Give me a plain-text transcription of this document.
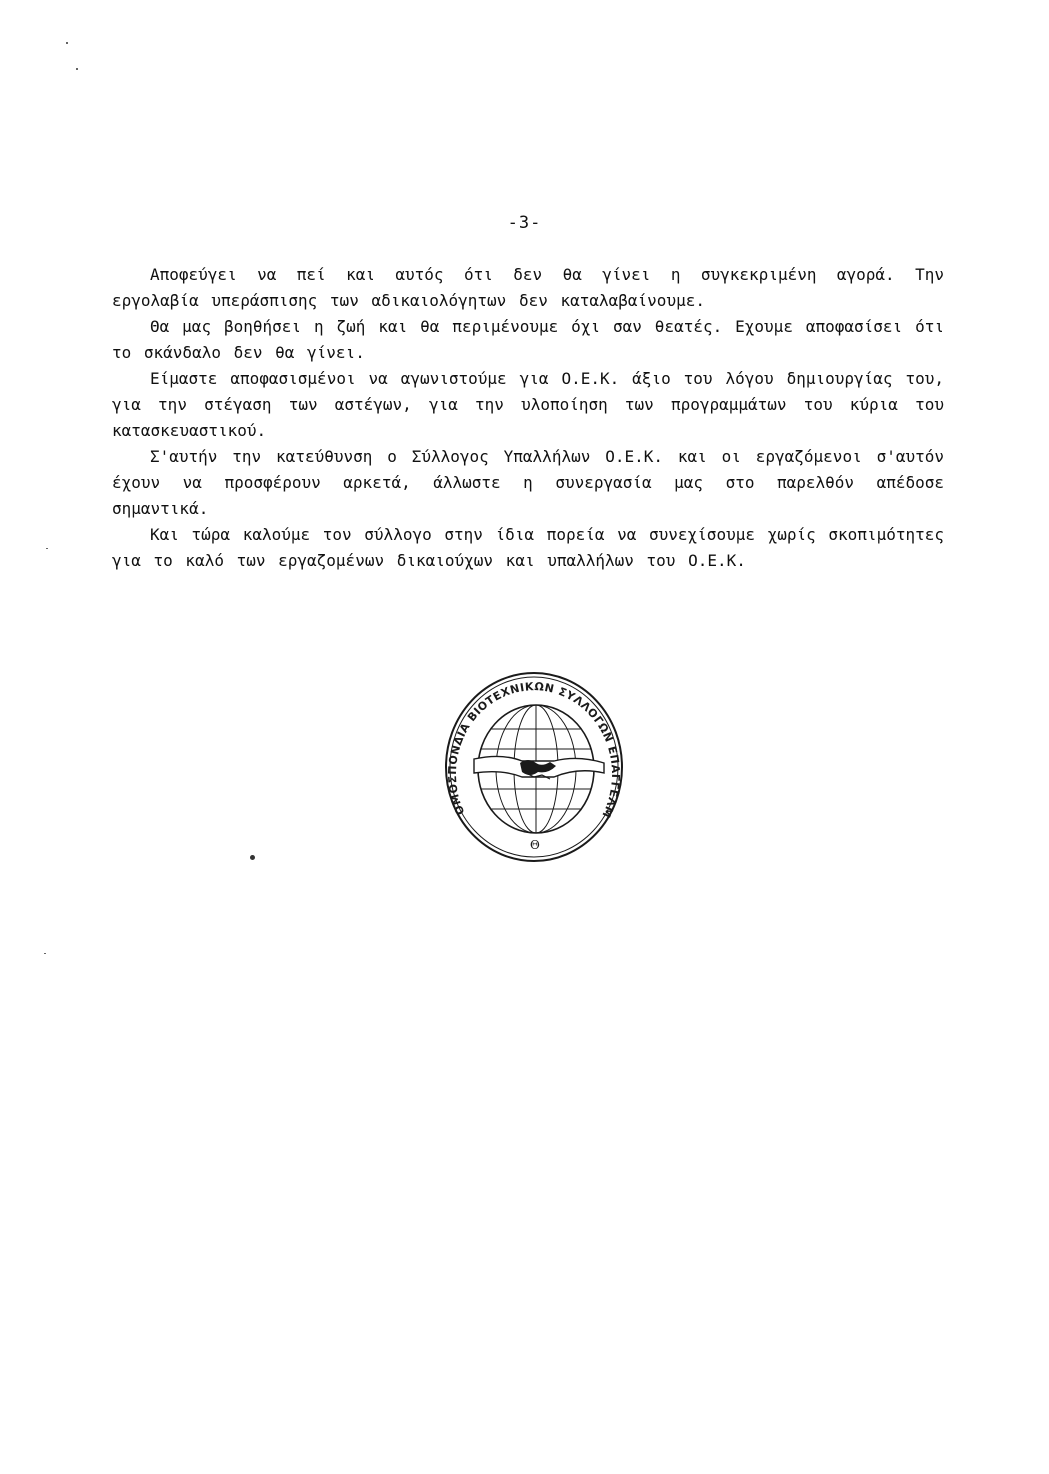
-3-

Αποφεύγει να πεί και αυτός ότι δεν θα γίνει η συγκεκριμένη αγορά. Την εργολαβία υπεράσπισης των αδικαιολόγητων δεν καταλαβαίνουμε.

Θα μας βοηθήσει η ζωή και θα περιμένουμε όχι σαν θεατές. Εχουμε αποφασίσει ότι το σκάνδαλο δεν θα γίνει.

Είμαστε αποφασισμένοι να αγωνιστούμε για Ο.Ε.Κ. άξιο του λόγου δημιουργίας του, για την στέγαση των αστέγων, για την υλοποίηση των προγραμμάτων του κύρια του κατασκευαστικού.

Σ'αυτήν την κατεύθυνση ο Σύλλογος Υπαλλήλων Ο.Ε.Κ. και οι εργαζόμενοι σ'αυτόν έχουν να προσφέρουν αρκετά, άλλωστε η συνεργασία μας στο παρελθόν απέδοσε σημαντικά.

Και τώρα καλούμε τον σύλλογο στην ίδια πορεία να συνεχίσουμε χωρίς σκοπιμότητες για το καλό των εργαζομένων δικαιούχων και υπαλλήλων του Ο.Ε.Κ.

ΟΜΟΣΠΟΝΔΙΑ ΒΙΟΤΕΧΝΙΚΩΝ ΣΥΛΛΟΓΩΝ ΕΠΑΓΓΕΛΜ
Θ
